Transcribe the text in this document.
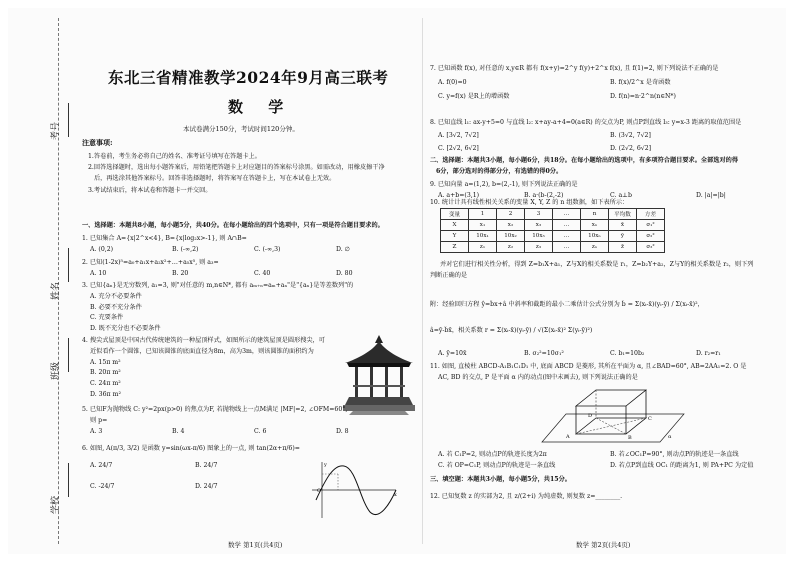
考号
姓名
班级
学校
东北三省精准教学2024年9月高三联考
数 学
本试卷满分150分，考试时间120分钟。
注意事项:
1.答卷前，考生务必将自己的姓名、准考证号填写在答题卡上。
2.回答选择题时，选出每小题答案后，用铅笔把答题卡上对应题目的答案标号涂黑。如需改动，用橡皮擦干净
后，再选涂其他答案标号。回答非选择题时，将答案写在答题卡上，写在本试卷上无效。
3.考试结束后，将本试卷和答题卡一并交回。
一、选择题：本题共8小题，每小题5分，共40分。在每小题给出的四个选项中，只有一项是符合题目要求的。
1. 已知集合 A={x|2^x<4}, B={x|log₂x>-1}, 则 A∩B=
A. (0,2)	B. (-∞,2)	C. (-∞,3)	D. ∅
2. 已知(1-2x)⁵=a₀+a₁x+a₂x²+…+a₅x⁵, 则 a₃=
A. 10	B. 20	C. 40	D. 80
3. 已知{aₙ}是无穷数列, a₁=3, 则"对任意的 m,n∈N*, 都有 aₘ₊ₙ=aₘ+aₙ"是"{aₙ}是等差数列"的
A. 充分不必要条件
B. 必要不充分条件
C. 充要条件
D. 既不充分也不必要条件
4. 搜尖式屋顶是中国古代传统建筑的一种屋顶样式，如图所示的建筑屋顶是圆形搜尖，可
近似看作一个圆锥，已知该圆锥的底面直径为8m，高为3m，则该圆锥的面积约为
A. 15π m²
B. 20π m²
C. 24π m²
D. 36π m²
5. 已知F为抛物线 C: y²=2px(p>0) 的焦点为F, 若抛物线上一点M满足 |MF|=2, ∠OFM=60°,
则 p=
A. 3	B. 4	C. 6	D. 8
6. 如图, A(π/3, 3/2) 是函数 y=sin(ωx-π/6) 图象上的一点, 则 tan(2α+π/6)=
A. 24/7	B. 24/7
C. -24/7	D. 24/7
O
x
y
数学 第1页(共4页)
7. 已知函数 f(x), 对任意的 x,y∈R 都有 f(x+y)=2^y f(y)+2^x f(x), 且 f(1)=2, 则下列说法不正确的是
A. f(0)=0	B. f(x)/2^x 是奇函数
C. y=f(x) 是R上的增函数	D. f(n)=n·2^n(n∈N*)
8. 已知直线 l₁: ax-y+5=0 与直线 l₂: x+ay-a+4=0(a∈R) 的交点为P, 则点P到直线 l₃: y=x-3 距离的取值范围是
A. [3√2, 7√2]	B. (3√2, 7√2]
C. [2√2, 6√2]	D. (2√2, 6√2]
二、选择题：本题共3小题，每小题6分，共18分。在每小题给出的选项中，有多项符合题目要求。全部选对的得
6分，部分选对的得部分分，有选错的得0分。
9. 已知向量 a=(1,2), b=(2,-1), 则下列说法正确的是
A. a+b=(3,1)	B. a·(b-(2,-2)	C. a⊥b	D. |a|=|b|
10. 统计计具有线性相关关系的变量 X, Y, Z 的 n 组数据，如下表所示：
变量	1	2	3	…	n	平均数	方差
X	x₁	x₂	x₃	…	xₙ	x̄	σ₁²
Y	10x₁	10x₂	10x₃	…	10xₙ	ȳ	σ₂²
Z	z₁	z₂	z₃	…	zₙ	z̄	σ₃²
并对它们进行相关性分析，得到 Z=b₁X+a₁，Z与X的相关系数是 r₁，Z=b₂Y+a₂，Z与Y的相关系数是 r₂，则下列
判断正确的是
附：经验回归方程 ŷ=b̂x+â 中斜率和截距的最小二乘估计公式分别为 b̂ = Σ(xᵢ-x̄)(yᵢ-ȳ) / Σ(xᵢ-x̄)²，
â=ȳ-b̂x̄，相关系数 r = Σ(xᵢ-x̄)(yᵢ-ȳ) / √(Σ(xᵢ-x̄)² Σ(yᵢ-ȳ)²)
A. ȳ=10x̄	B. σ₂²=10σ₁²	C. b₁=10b₂	D. r₂=r₁
11. 如图, 直棱柱 ABCD-A₁B₁C₁D₁ 中, 底面 ABCD 是菱形, 其所在平面为 α, 且∠BAD=60°, AB=2AA₁=2. O 是
AC, BD 的交点, P 是平面 α 内的动点(图中未画去), 则下列说法正确的是
A	B
C
D
α
A. 若 C₁P=2, 则动点P的轨迹长度为2π	B. 若∠OC₁P=90°, 则动点P的轨迹是一条直线
C. 若 OP=C₁P, 则动点P的轨迹是一条直线	D. 若点P到直线 OC₁ 的距离为1, 则 PA+PC 为定值
三、填空题：本题共3小题，每小题5分，共15分。
12. 已知复数 z 的实部为2, 且 z/(2+i) 为纯虚数, 则复数 z=________.
数学 第2页(共4页)
